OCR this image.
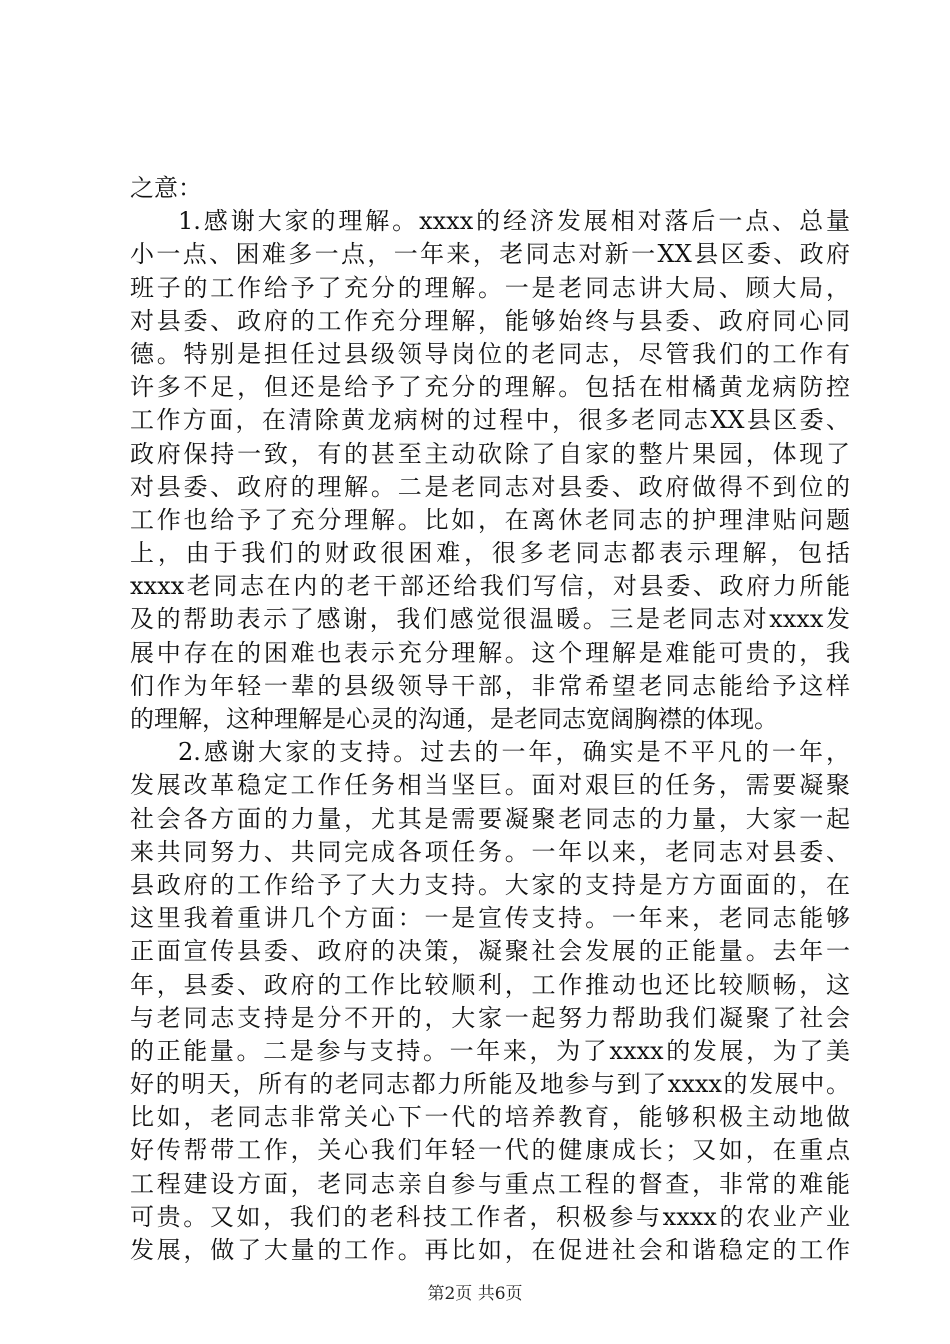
之意：
1.感谢大家的理解。xxxx的经济发展相对落后一点、总量
小一点、困难多一点，一年来，老同志对新一XX县区委、政府
班子的工作给予了充分的理解。一是老同志讲大局、顾大局，
对县委、政府的工作充分理解，能够始终与县委、政府同心同
德。特别是担任过县级领导岗位的老同志，尽管我们的工作有
许多不足，但还是给予了充分的理解。包括在柑橘黄龙病防控
工作方面，在清除黄龙病树的过程中，很多老同志XX县区委、
政府保持一致，有的甚至主动砍除了自家的整片果园，体现了
对县委、政府的理解。二是老同志对县委、政府做得不到位的
工作也给予了充分理解。比如，在离休老同志的护理津贴问题
上，由于我们的财政很困难，很多老同志都表示理解，包括
xxxx老同志在内的老干部还给我们写信，对县委、政府力所能
及的帮助表示了感谢，我们感觉很温暖。三是老同志对xxxx发
展中存在的困难也表示充分理解。这个理解是难能可贵的，我
们作为年轻一辈的县级领导干部，非常希望老同志能给予这样
的理解，这种理解是心灵的沟通，是老同志宽阔胸襟的体现。
2.感谢大家的支持。过去的一年，确实是不平凡的一年，
发展改革稳定工作任务相当坚巨。面对艰巨的任务，需要凝聚
社会各方面的力量，尤其是需要凝聚老同志的力量，大家一起
来共同努力、共同完成各项任务。一年以来，老同志对县委、
县政府的工作给予了大力支持。大家的支持是方方面面的，在
这里我着重讲几个方面：一是宣传支持。一年来，老同志能够
正面宣传县委、政府的决策，凝聚社会发展的正能量。去年一
年，县委、政府的工作比较顺利，工作推动也还比较顺畅，这
与老同志支持是分不开的，大家一起努力帮助我们凝聚了社会
的正能量。二是参与支持。一年来，为了xxxx的发展，为了美
好的明天，所有的老同志都力所能及地参与到了xxxx的发展中。
比如，老同志非常关心下一代的培养教育，能够积极主动地做
好传帮带工作，关心我们年轻一代的健康成长；又如，在重点
工程建设方面，老同志亲自参与重点工程的督查，非常的难能
可贵。又如，我们的老科技工作者，积极参与xxxx的农业产业
发展，做了大量的工作。再比如，在促进社会和谐稳定的工作
第2页 共6页
